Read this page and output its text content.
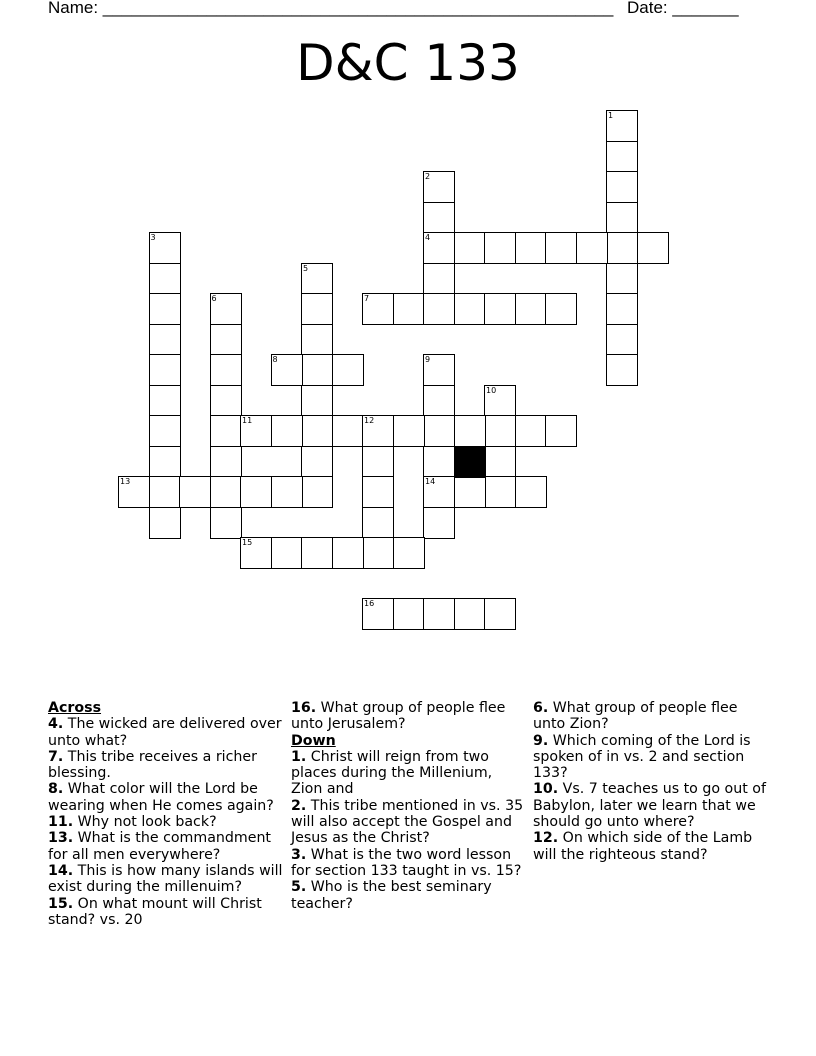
Name: ______________________________________________________ Date: _______
D&C 133
1
2
4
3
5
6	7
8	9
14
10
11	12
13
15
16
Across
4. The wicked are delivered over unto what?
7. This tribe receives a richer blessing.
8. What color will the Lord be wearing when He comes again?
11. Why not look back?
13. What is the commandment for all men everywhere?
14. This is how many islands will exist during the millenuim?
15. On what mount will Christ stand? vs. 20
16. What group of people flee unto Jerusalem?
Down
1. Christ will reign from two places during the Millenium, Zion and
2. This tribe mentioned in vs. 35 will also accept the Gospel and Jesus as the Christ?
3. What is the two word lesson for section 133 taught in vs. 15?
5. Who is the best seminary teacher?
6. What group of people flee unto Zion?
9. Which coming of the Lord is spoken of in vs. 2 and section 133?
10. Vs. 7 teaches us to go out of Babylon, later we learn that we should go unto where?
12. On which side of the Lamb will the righteous stand?
